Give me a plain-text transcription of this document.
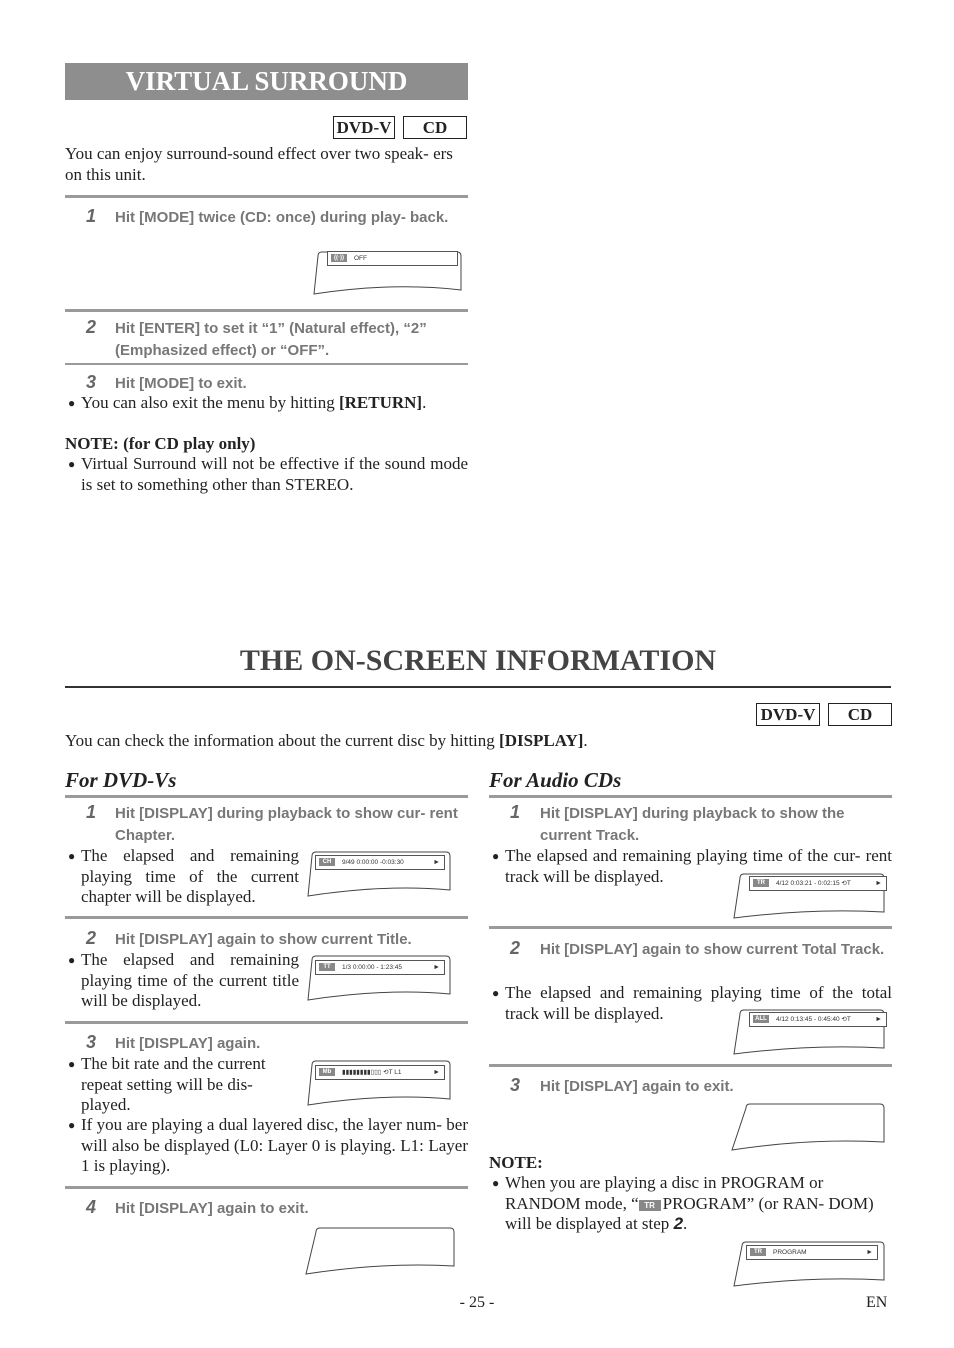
VIRTUAL SURROUND
DVD-V	CD
You can enjoy surround-sound effect over two speak- ers on this unit.
1 Hit [MODE] twice (CD: once) during play- back.
((·))	OFF
2 Hit [ENTER] to set it “1” (Natural effect), “2” (Emphasized effect) or “OFF”.
3 Hit [MODE] to exit.
● You can also exit the menu by hitting [RETURN].
NOTE: (for CD play only)
● Virtual Surround will not be effective if the sound mode is set to something other than STEREO.
THE ON-SCREEN INFORMATION
DVD-V	CD
You can check the information about the current disc by hitting [DISPLAY].
For DVD-Vs
1 Hit [DISPLAY] during playback to show cur- rent Chapter.
● The elapsed and remaining playing time of the current chapter will be displayed.
CH	9/49 0:00:00 -0:03:30	►
2 Hit [DISPLAY] again to show current Title.
● The elapsed and remaining playing time of the current title will be displayed.
TT	1/3 0:00:00 - 1:23:45	►
3 Hit [DISPLAY] again.
● The bit rate and the current repeat setting will be dis- played.
Mb	▮▮▮▮▮▮▮▮▯▯▯ ⟲T L1	►
● If you are playing a dual layered disc, the layer num- ber will also be displayed (L0: Layer 0 is playing. L1: Layer 1 is playing).
4 Hit [DISPLAY] again to exit.
For Audio CDs
1 Hit [DISPLAY] during playback to show the current Track.
● The elapsed and remaining playing time of the cur- rent track will be displayed.	TR	4/12 0:03:21 - 0:02:15 ⟲T	►
2 Hit [DISPLAY] again to show current Total Track.
● The elapsed and remaining playing time of the total track will be displayed.	ALL	4/12 0:13:45 - 0:45:40 ⟲T	►
3 Hit [DISPLAY] again to exit.
NOTE:
● When you are playing a disc in PROGRAM or RANDOM mode, “ TR PROGRAM” (or RAN- DOM) will be displayed at step 2.
TR	PROGRAM	►
- 25 -	EN
